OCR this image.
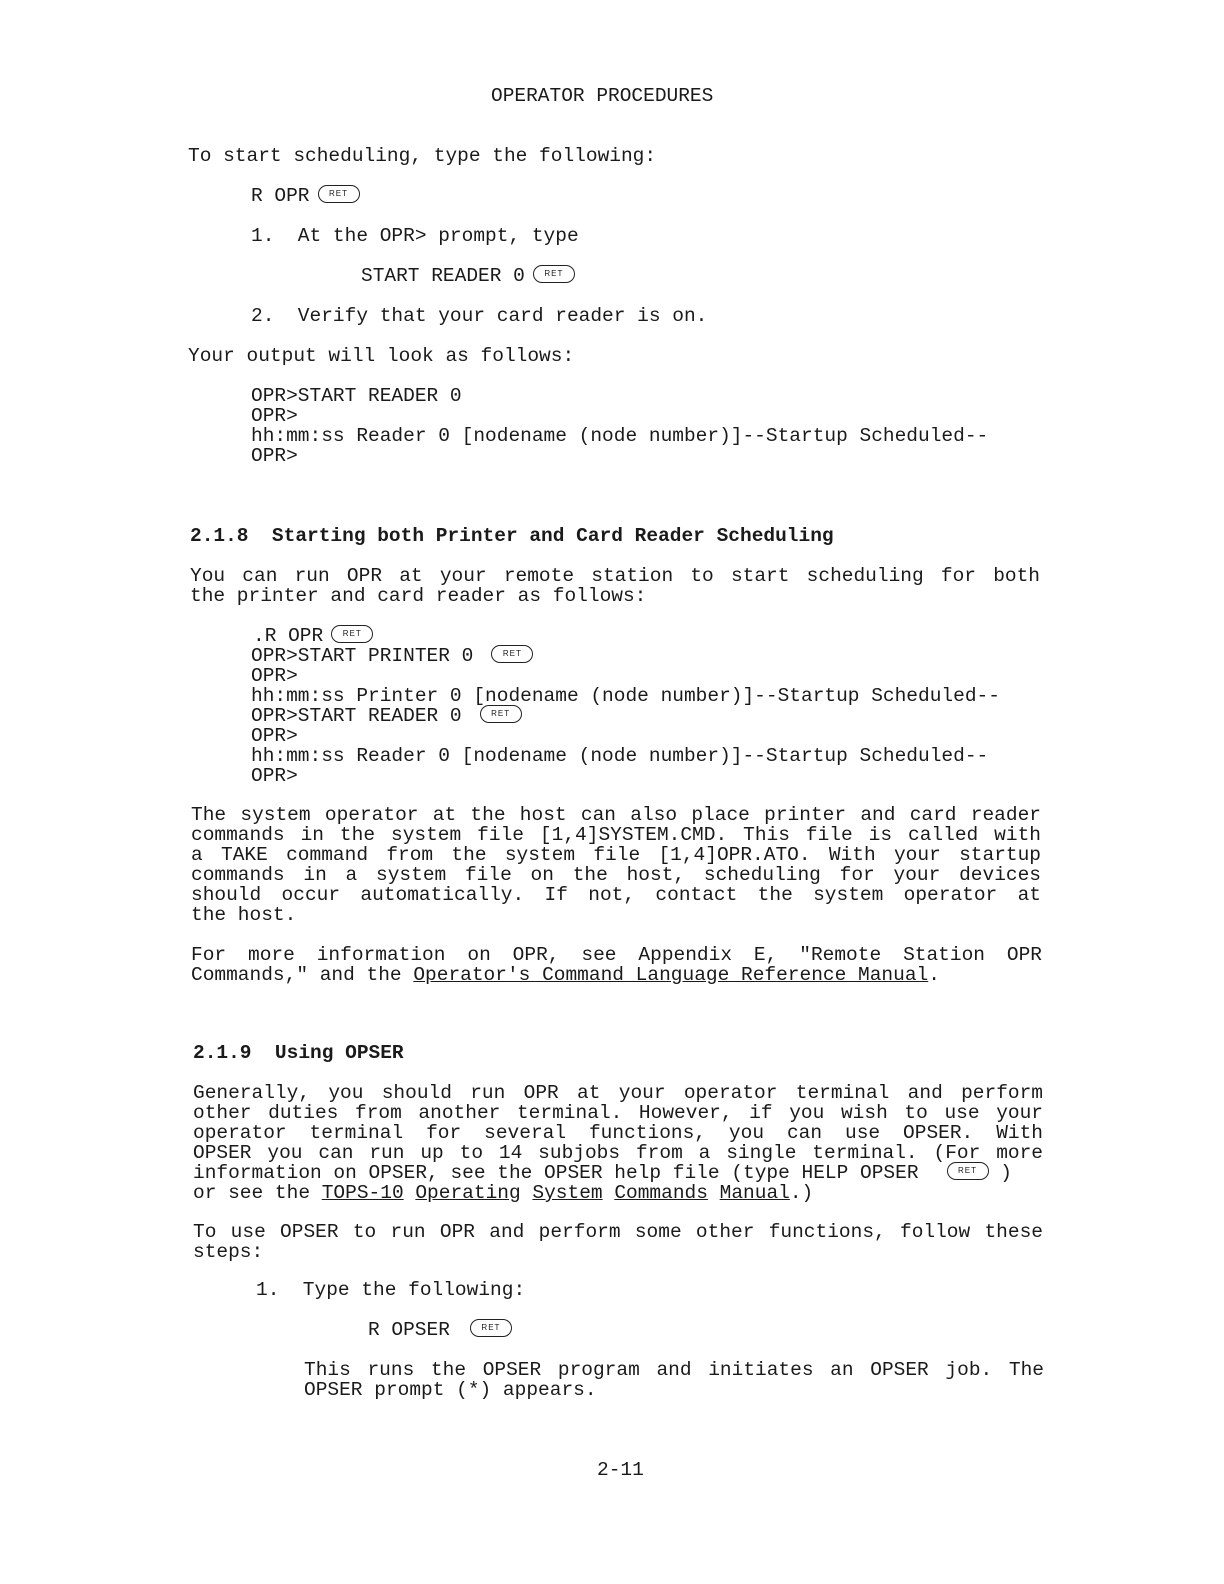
OPERATOR PROCEDURES
To start scheduling, type the following:
R OPR RET
1.  At the OPR> prompt, type
START READER 0 RET
2.  Verify that your card reader is on.
Your output will look as follows:
OPR>START READER 0
OPR>
hh:mm:ss Reader 0 [nodename (node number)]--Startup Scheduled--
OPR>
2.1.8  Starting both Printer and Card Reader Scheduling
You can run OPR at your remote station to start scheduling for both
the printer and card reader as follows:
.R OPR RET
OPR>START PRINTER 0	RET
OPR>
hh:mm:ss Printer 0 [nodename (node number)]--Startup Scheduled--
OPR>START READER 0	RET
OPR>
hh:mm:ss Reader 0 [nodename (node number)]--Startup Scheduled--
OPR>
The system operator at the host can also place printer and card reader
commands in the system file [1,4]SYSTEM.CMD. This file is called with
a TAKE command from the system file [1,4]OPR.ATO. With your startup
commands in a system file on the host, scheduling for your devices
should occur automatically. If not, contact the system operator at
the host.
For more information on OPR, see Appendix E, "Remote Station OPR
Commands," and the Operator's Command Language Reference Manual.
2.1.9  Using OPSER
Generally, you should run OPR at your operator terminal and perform
other duties from another terminal. However, if you wish to use your
operator terminal for several functions, you can use OPSER. With
OPSER you can run up to 14 subjobs from a single terminal. (For more
information on OPSER, see the OPSER help file (type HELP OPSER	RET )
or see the TOPS-10 Operating System Commands Manual.)
To use OPSER to run OPR and perform some other functions, follow these
steps:
1.  Type the following:
R OPSER	RET
This runs the OPSER program and initiates an OPSER job. The
OPSER prompt (*) appears.
2-11
